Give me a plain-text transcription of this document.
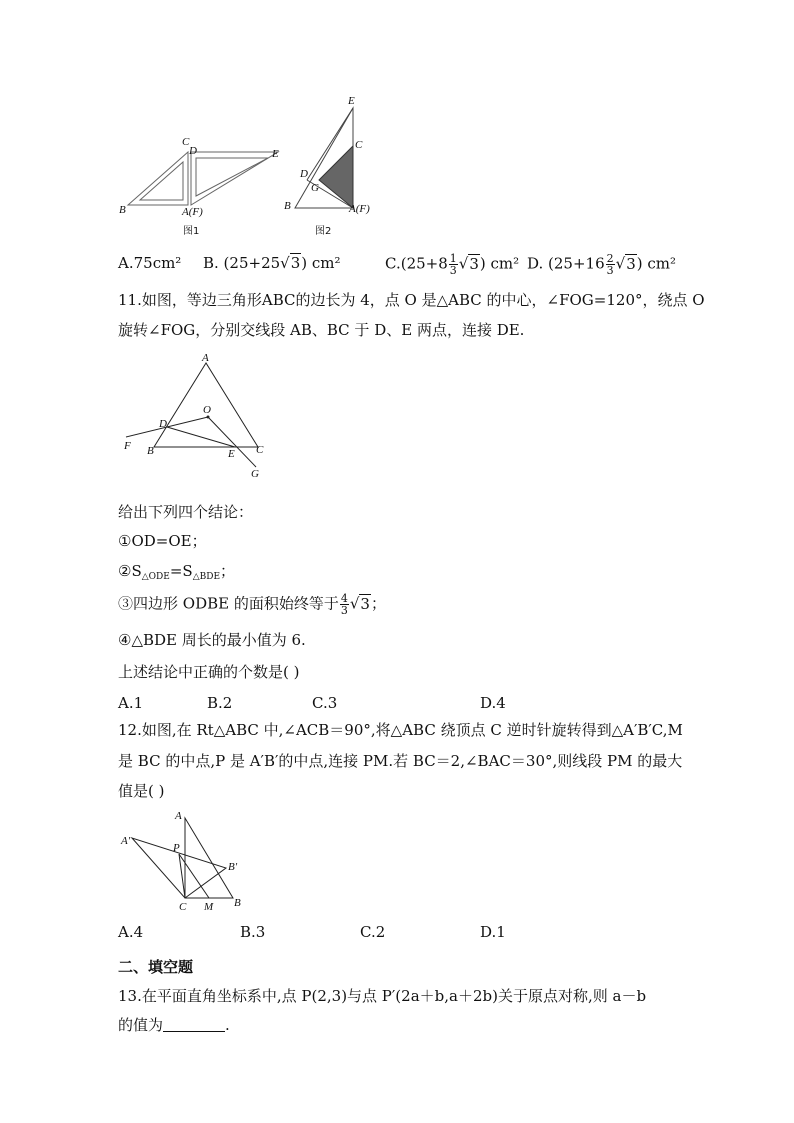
C
D	E
B	A(F)
图1
E
C
D
G
B	A(F)
图2
A.75cm² B. (25+25√3) cm²	$C.(25+8 \frac{1}{3} √3)$ cm² D. $(25+16 \frac{2}{3} √3)$ cm²
11.如图，等边三角形ABC的边长为 4，点 O 是△ABC 的中心，∠FOG=120°，绕点 O
旋转∠FOG，分别交线段 AB、BC 于 D、E 两点，连接 DE.
A
O
D
F B	E C
G
给出下列四个结论：
①OD=OE；
$②S_{\triangle ODE}=S_{\triangle BDE}$；
③四边形 ODBE 的面积始终等于 $\frac{4}{3} √3$；
④△BDE 周长的最小值为 6.
上述结论中正确的个数是( )
A.1	B.2	C.3	D.4
12.如图,在 Rt△ABC 中,∠ACB＝90°,将△ABC 绕顶点 C 逆时针旋转得到△A′B′C,M
是 BC 的中点,P 是 A′B′的中点,连接 PM.若 BC＝2,∠BAC＝30°,则线段 PM 的最大
值是( )
A
A′
P
B′
C M B
A.4	B.3	C.2	D.1
二、填空题
13.在平面直角坐标系中,点 P(2,3)与点 P′(2a＋b,a＋2b)关于原点对称,则 a－b
的值为	.
